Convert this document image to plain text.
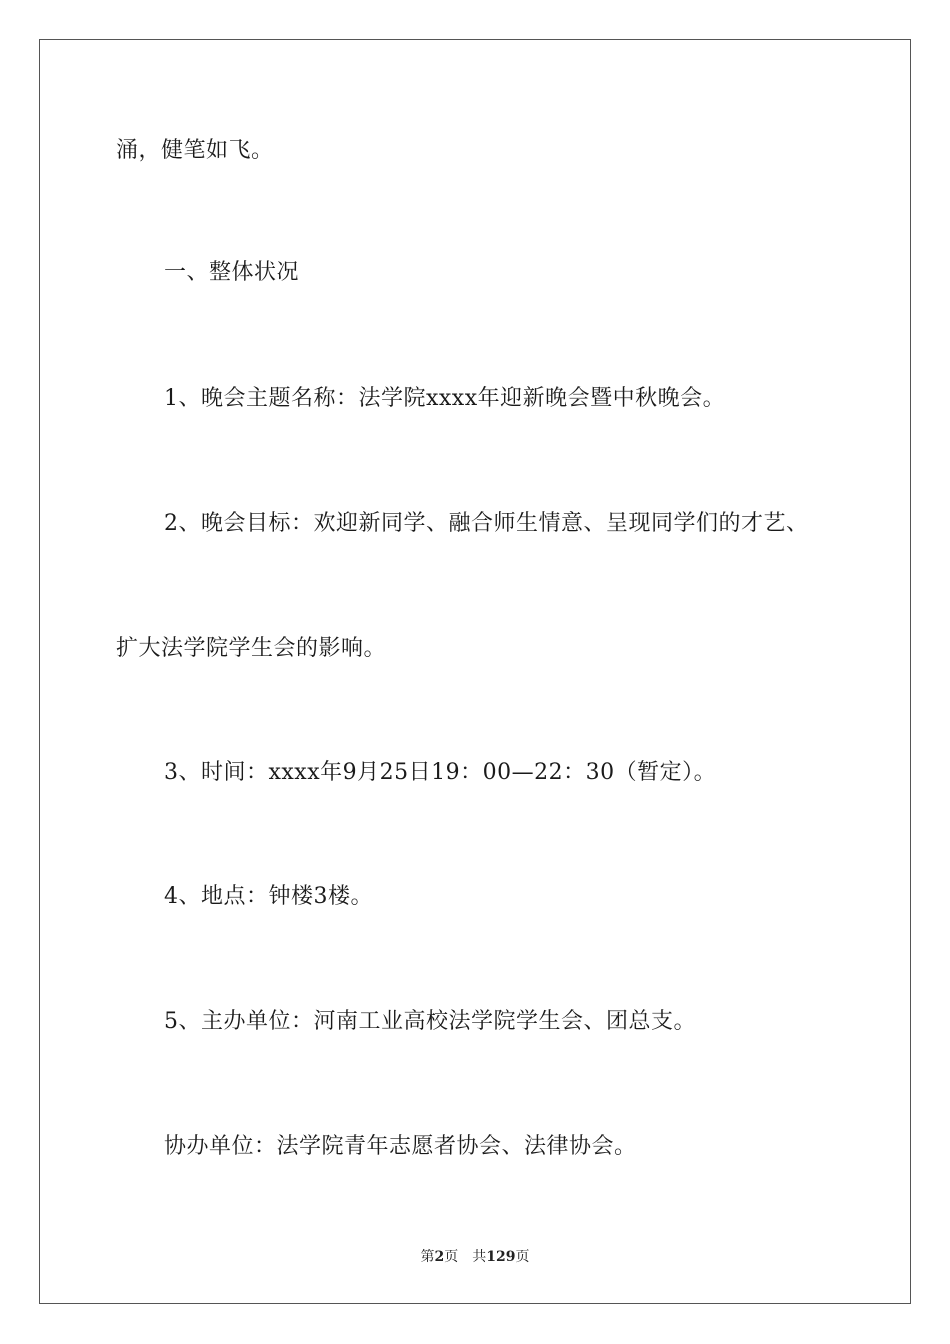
涌，健笔如飞。
一、整体状况
1、晚会主题名称：法学院xxxx年迎新晚会暨中秋晚会。
2、晚会目标：欢迎新同学、融合师生情意、呈现同学们的才艺、
扩大法学院学生会的影响。
3、时间：xxxx年9月25日19：00—22：30（暂定）。
4、地点：钟楼3楼。
5、主办单位：河南工业高校法学院学生会、团总支。
协办单位：法学院青年志愿者协会、法律协会。
第2页 共129页
